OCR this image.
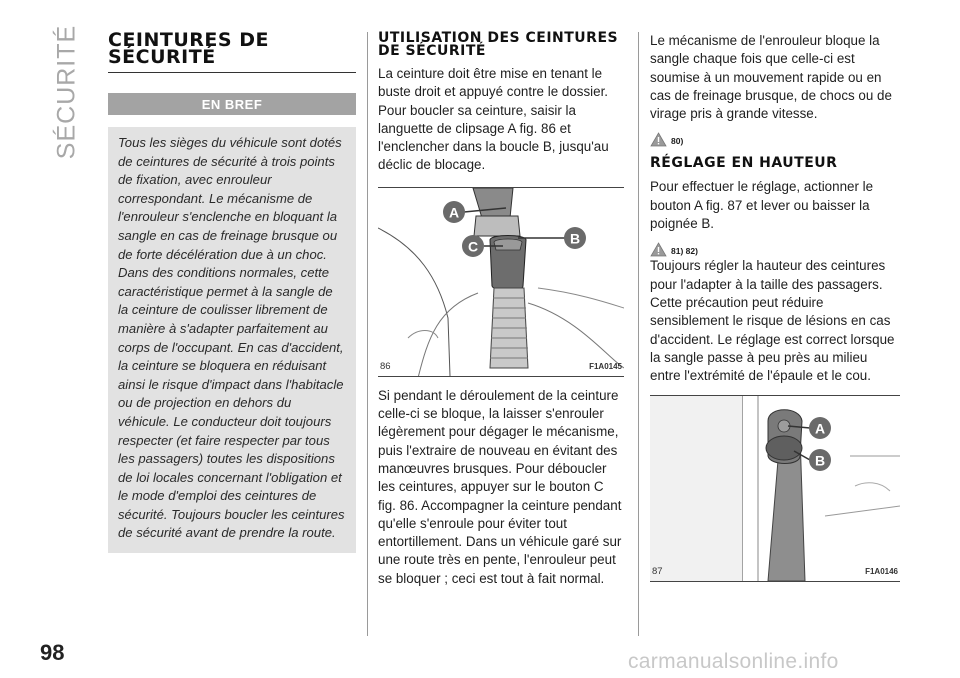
SÉCURITÉ CEINTURES DE SÉCURITÉ
EN BREF
Tous les sièges du véhicule sont dotés de ceintures de sécurité à trois points de fixation, avec enrouleur correspondant. Le mécanisme de l'enrouleur s'enclenche en bloquant la sangle en cas de freinage brusque ou de forte décélération due à un choc. Dans des conditions normales, cette caractéristique permet à la sangle de la ceinture de coulisser librement de manière à s'adapter parfaitement au corps de l'occupant. En cas d'accident, la ceinture se bloquera en réduisant ainsi le risque d'impact dans l'habitacle ou de projection en dehors du véhicule. Le conducteur doit toujours respecter (et faire respecter par tous les passagers) toutes les dispositions de loi locales concernant l'obligation et le mode d'emploi des ceintures de sécurité. Toujours boucler les ceintures de sécurité avant de prendre la route.
UTILISATION DES CEINTURES DE SÉCURITÉ
La ceinture doit être mise en tenant le buste droit et appuyé contre le dossier. Pour boucler sa ceinture, saisir la languette de clipsage A fig. 86 et l'enclencher dans la boucle B, jusqu'au déclic de blocage.
A
B
C
86	F1A0145
Si pendant le déroulement de la ceinture celle-ci se bloque, la laisser s'enrouler légèrement pour dégager le mécanisme, puis l'extraire de nouveau en évitant des manœuvres brusques. Pour déboucler les ceintures, appuyer sur le bouton C fig. 86. Accompagner la ceinture pendant qu'elle s'enroule pour éviter tout entortillement. Dans un véhicule garé sur une route très en pente, l'enrouleur peut se bloquer ; ceci est tout à fait normal.
Le mécanisme de l'enrouleur bloque la sangle chaque fois que celle-ci est soumise à un mouvement rapide ou en cas de freinage brusque, de chocs ou de virage pris à grande vitesse.
80)
RÉGLAGE EN HAUTEUR
Pour effectuer le réglage, actionner le bouton A fig. 87 et lever ou baisser la poignée B.
81) 82)
Toujours régler la hauteur des ceintures pour l'adapter à la taille des passagers. Cette précaution peut réduire sensiblement le risque de lésions en cas d'accident. Le réglage est correct lorsque la sangle passe à peu près au milieu entre l'extrémité de l'épaule et le cou.
A
B
87	F1A0146
98	carmanualsonline.info
